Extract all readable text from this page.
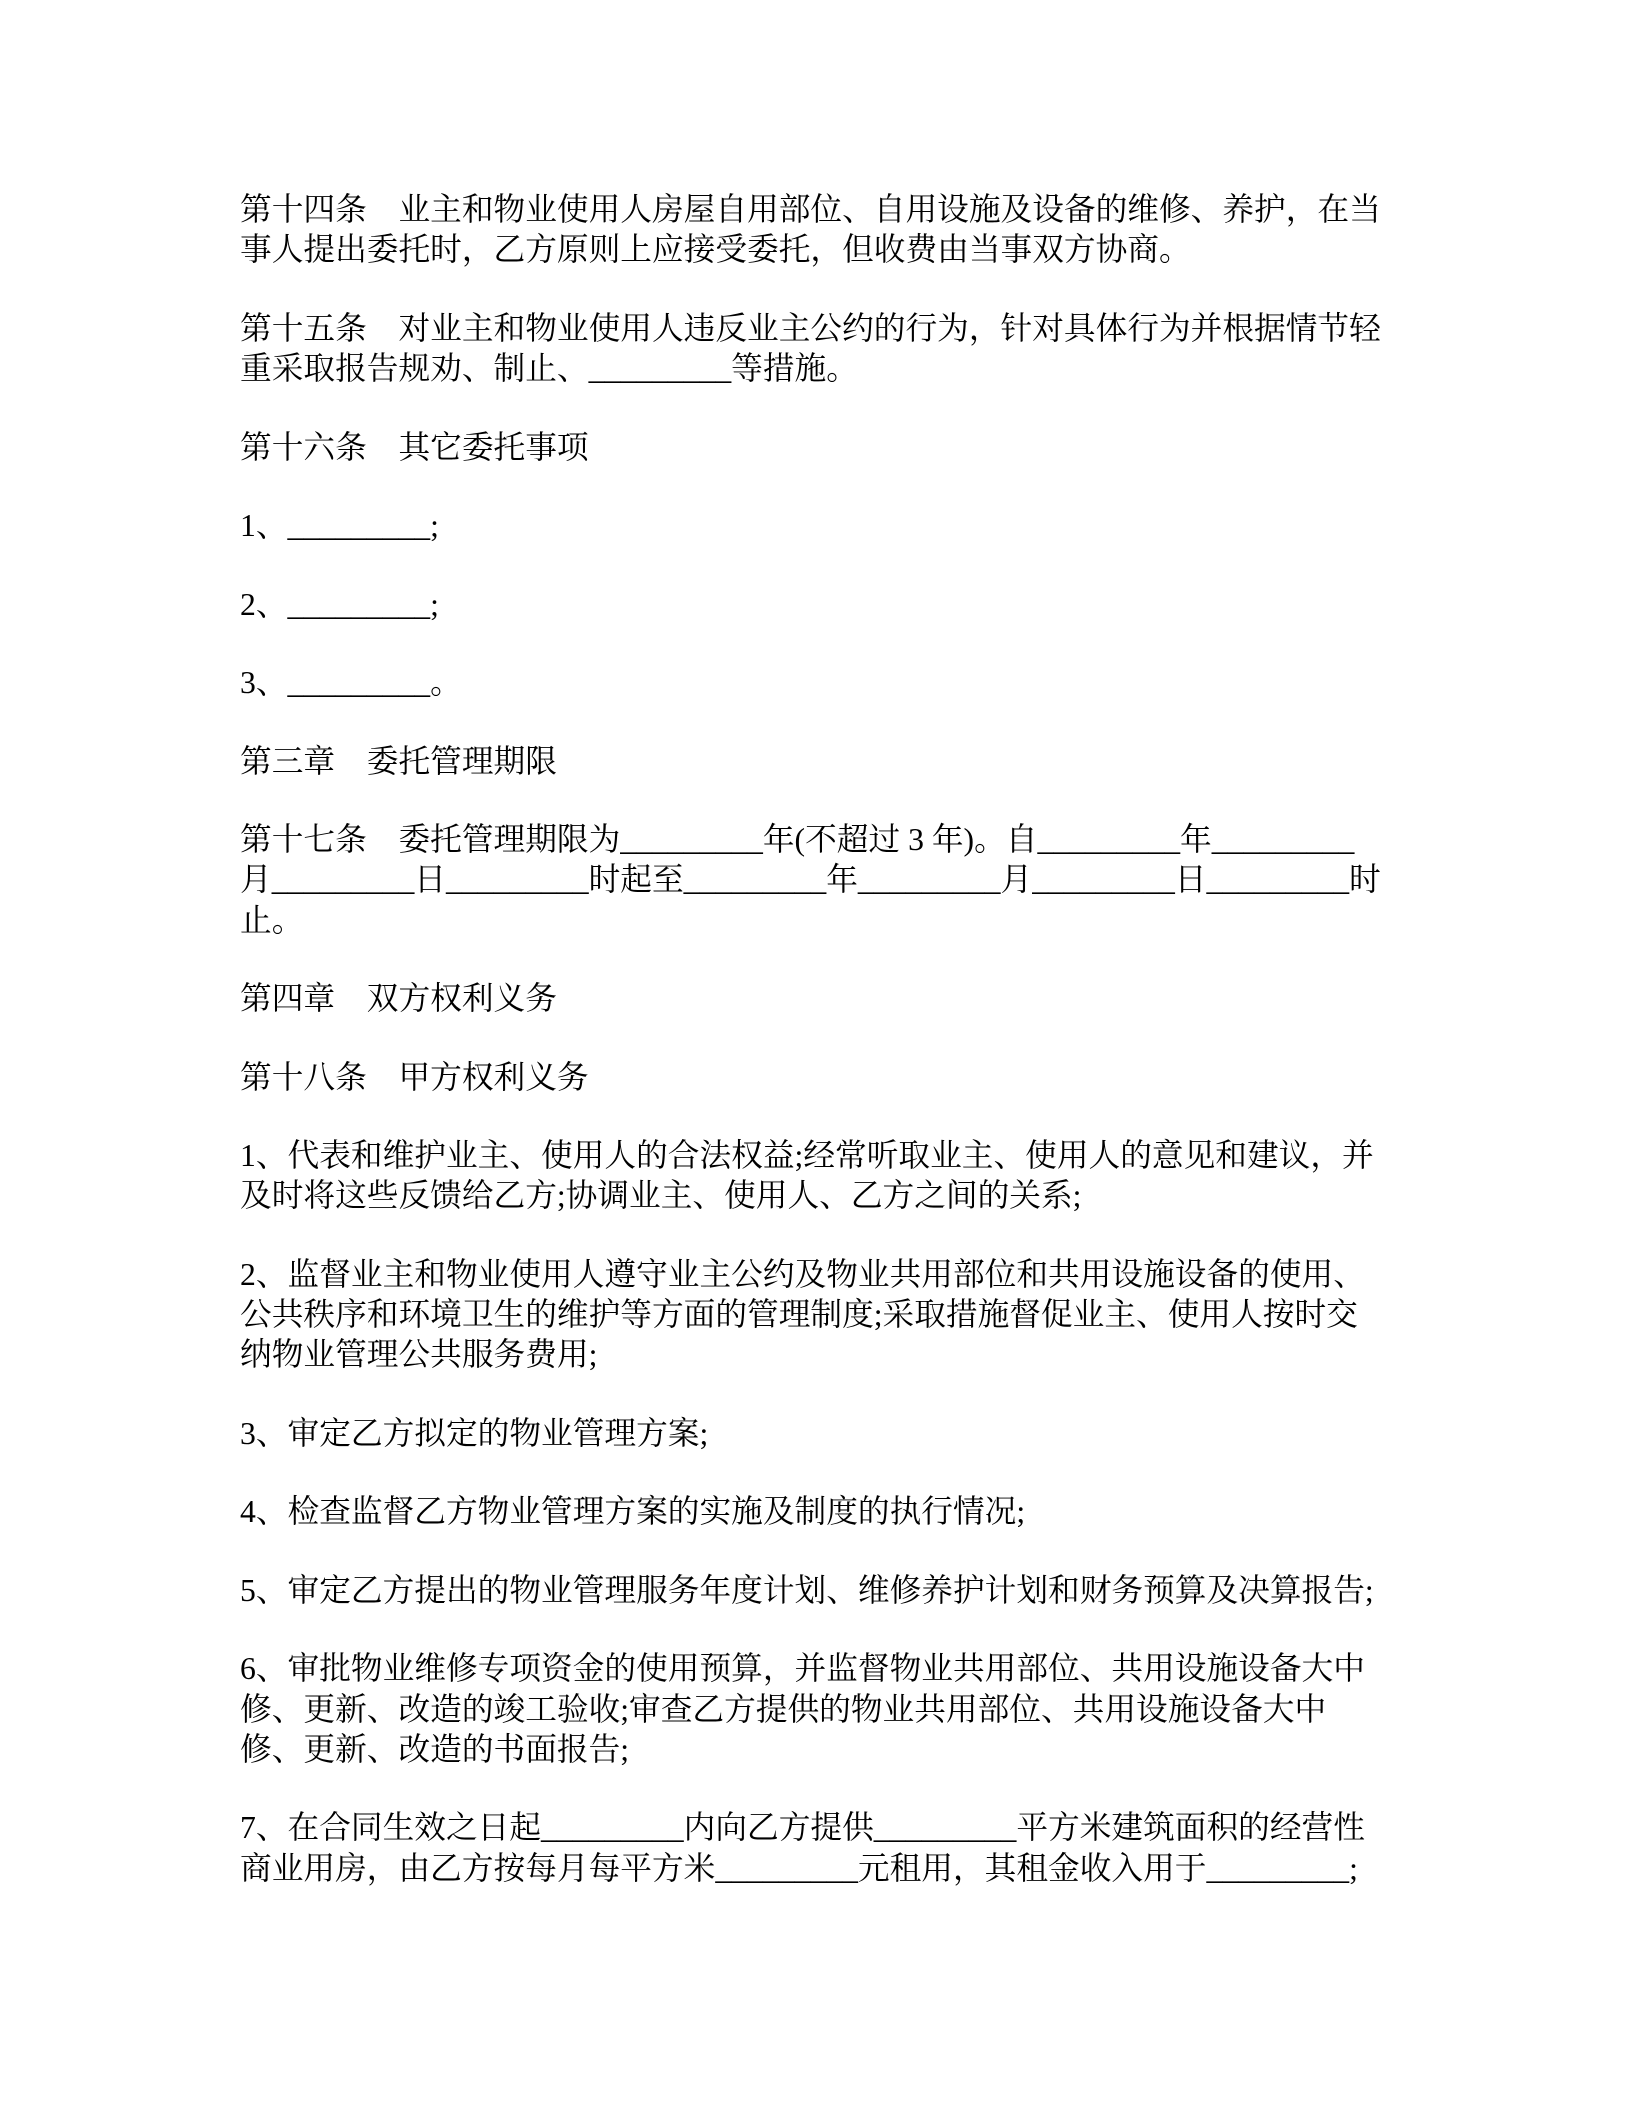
第十四条　业主和物业使用人房屋自用部位、自用设施及设备的维修、养护，在当
事人提出委托时，乙方原则上应接受委托，但收费由当事双方协商。
第十五条　对业主和物业使用人违反业主公约的行为，针对具体行为并根据情节轻
重采取报告规劝、制止、_________等措施。
第十六条　其它委托事项
1、_________;
2、_________;
3、_________。
第三章　委托管理期限
第十七条　委托管理期限为_________年(不超过 3 年)。自_________年_________
月_________日_________时起至_________年_________月_________日_________时
止。
第四章　双方权利义务
第十八条　甲方权利义务
1、代表和维护业主、使用人的合法权益;经常听取业主、使用人的意见和建议，并
及时将这些反馈给乙方;协调业主、使用人、乙方之间的关系;
2、监督业主和物业使用人遵守业主公约及物业共用部位和共用设施设备的使用、
公共秩序和环境卫生的维护等方面的管理制度;采取措施督促业主、使用人按时交
纳物业管理公共服务费用;
3、审定乙方拟定的物业管理方案;
4、检查监督乙方物业管理方案的实施及制度的执行情况;
5、审定乙方提出的物业管理服务年度计划、维修养护计划和财务预算及决算报告;
6、审批物业维修专项资金的使用预算，并监督物业共用部位、共用设施设备大中
修、更新、改造的竣工验收;审查乙方提供的物业共用部位、共用设施设备大中
修、更新、改造的书面报告;
7、在合同生效之日起_________内向乙方提供_________平方米建筑面积的经营性
商业用房，由乙方按每月每平方米_________元租用，其租金收入用于_________;
